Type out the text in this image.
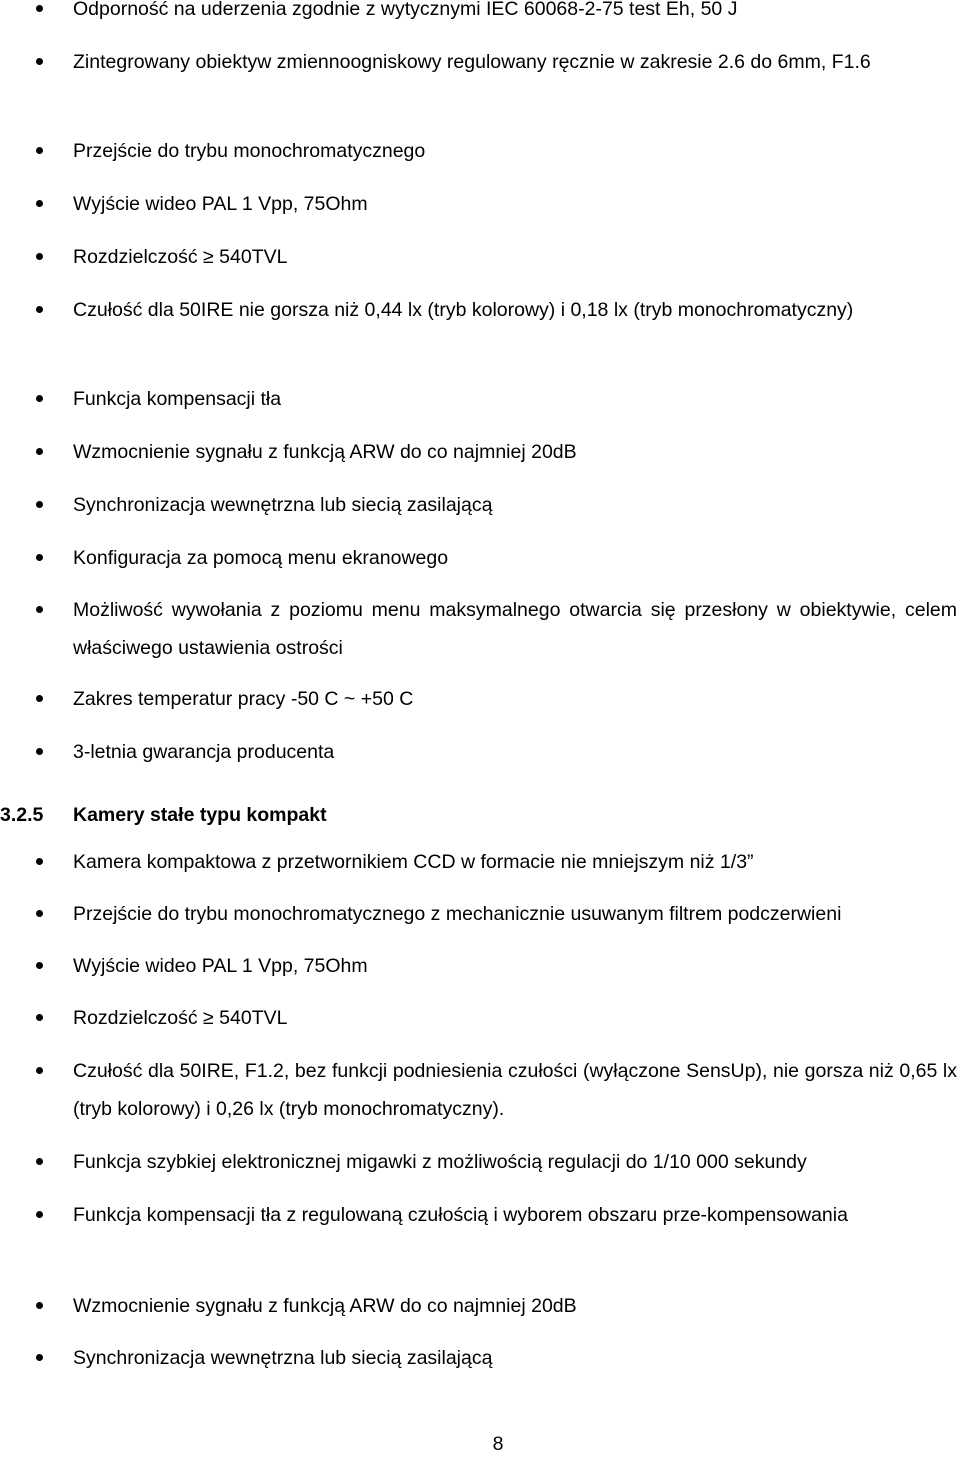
Odporność na uderzenia zgodnie z wytycznymi IEC 60068-2-75 test Eh, 50 J
Zintegrowany obiektyw zmiennoogniskowy regulowany ręcznie w zakresie 2.6 do 6mm, F1.6
Przejście do trybu monochromatycznego
Wyjście wideo PAL 1 Vpp, 75Ohm
Rozdzielczość ≥ 540TVL
Czułość dla 50IRE nie gorsza niż 0,44 lx (tryb kolorowy) i 0,18 lx (tryb monochromatyczny)
Funkcja kompensacji tła
Wzmocnienie sygnału z funkcją ARW do co najmniej 20dB
Synchronizacja wewnętrzna lub siecią zasilającą
Konfiguracja za pomocą menu ekranowego
Możliwość wywołania z poziomu menu maksymalnego otwarcia się przesłony w obiektywie, celem właściwego ustawienia ostrości
Zakres temperatur pracy -50 C ~ +50 C
3-letnia gwarancja producenta
3.2.5 Kamery stałe typu kompakt
Kamera kompaktowa z przetwornikiem CCD w formacie nie mniejszym niż 1/3”
Przejście do trybu monochromatycznego z mechanicznie usuwanym filtrem podczerwieni
Wyjście wideo PAL 1 Vpp, 75Ohm
Rozdzielczość ≥ 540TVL
Czułość dla 50IRE, F1.2, bez funkcji podniesienia czułości (wyłączone SensUp), nie gorsza niż 0,65 lx (tryb kolorowy) i 0,26 lx (tryb monochromatyczny).
Funkcja szybkiej elektronicznej migawki z możliwością regulacji do 1/10 000 sekundy
Funkcja kompensacji tła z regulowaną czułością i wyborem obszaru prze-kompensowania
Wzmocnienie sygnału z funkcją ARW do co najmniej 20dB
Synchronizacja wewnętrzna lub siecią zasilającą
8
